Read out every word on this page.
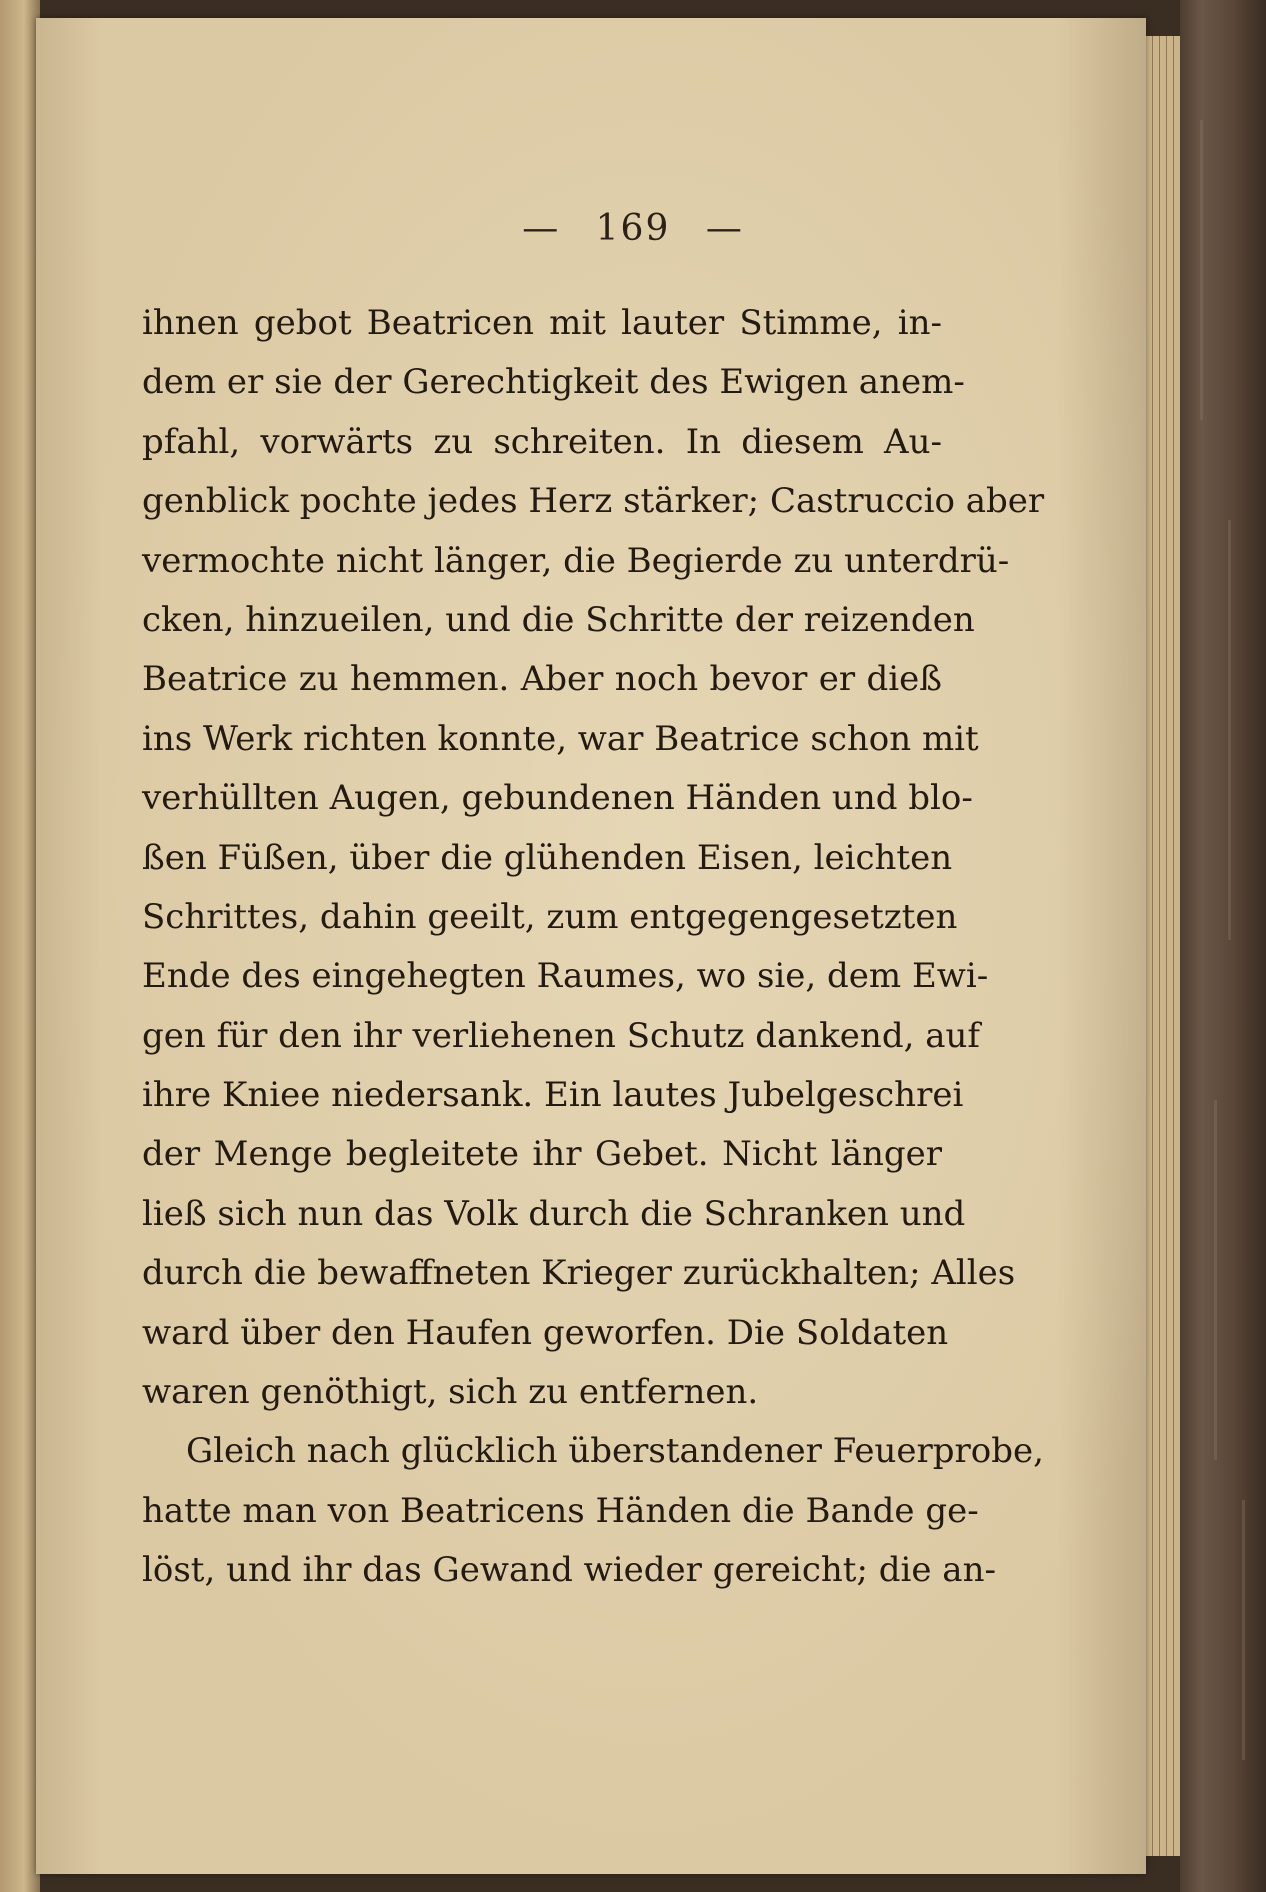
— 169 —
ihnen gebot Beatricen mit lauter Stimme, in-
dem er sie der Gerechtigkeit des Ewigen anem-
pfahl, vorwärts zu schreiten. In diesem Au-
genblick pochte jedes Herz stärker; Castruccio aber
vermochte nicht länger, die Begierde zu unterdrü-
cken, hinzueilen, und die Schritte der reizenden
Beatrice zu hemmen. Aber noch bevor er dieß
ins Werk richten konnte, war Beatrice schon mit
verhüllten Augen, gebundenen Händen und blo-
ßen Füßen, über die glühenden Eisen, leichten
Schrittes, dahin geeilt, zum entgegengesetzten
Ende des eingehegten Raumes, wo sie, dem Ewi-
gen für den ihr verliehenen Schutz dankend, auf
ihre Kniee niedersank. Ein lautes Jubelgeschrei
der Menge begleitete ihr Gebet. Nicht länger
ließ sich nun das Volk durch die Schranken und
durch die bewaffneten Krieger zurückhalten; Alles
ward über den Haufen geworfen. Die Soldaten
waren genöthigt, sich zu entfernen.
Gleich nach glücklich überstandener Feuerprobe,
hatte man von Beatricens Händen die Bande ge-
löst, und ihr das Gewand wieder gereicht; die an-
